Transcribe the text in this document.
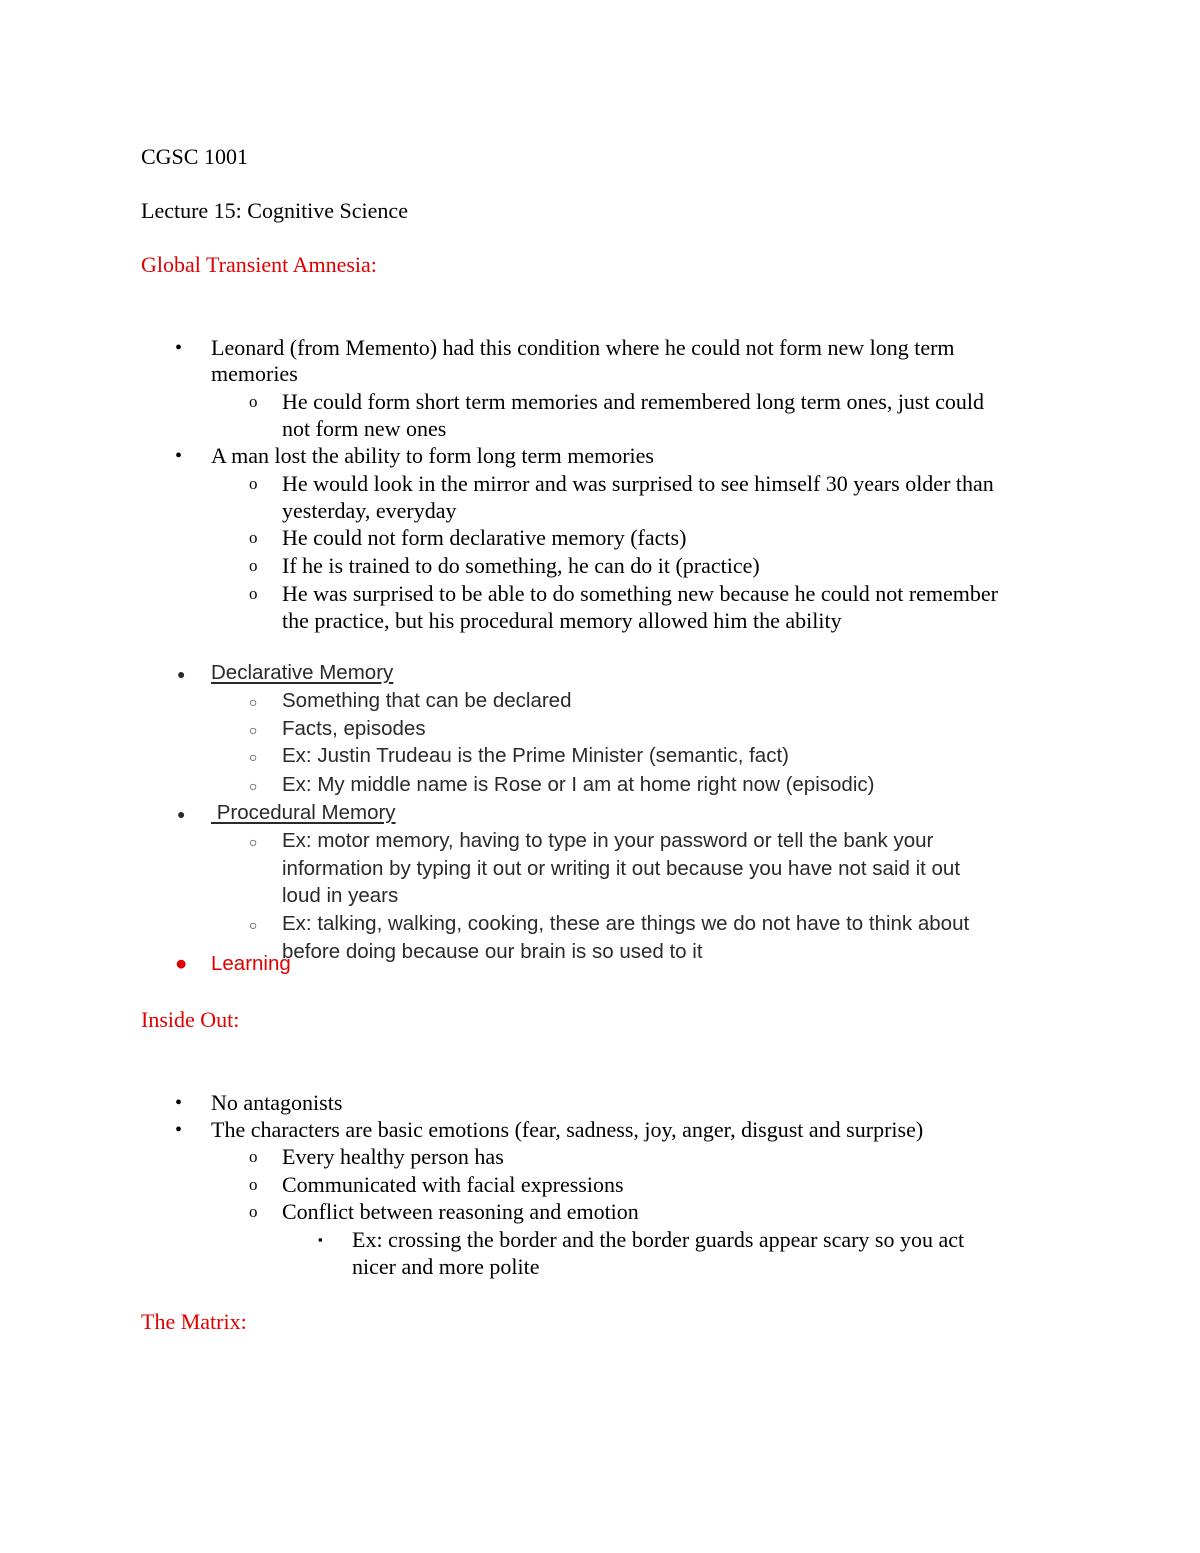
CGSC 1001
Lecture 15: Cognitive Science
Global Transient Amnesia:
• Leonard (from Memento) had this condition where he could not form new long term
memories
o He could form short term memories and remembered long term ones, just could
not form new ones
• A man lost the ability to form long term memories
o He would look in the mirror and was surprised to see himself 30 years older than
yesterday, everyday
o He could not form declarative memory (facts)
o If he is trained to do something, he can do it (practice)
o He was surprised to be able to do something new because he could not remember
the practice, but his procedural memory allowed him the ability
● Declarative Memory
○ Something that can be declared
○ Facts, episodes
○ Ex: Justin Trudeau is the Prime Minister (semantic, fact)
○ Ex: My middle name is Rose or I am at home right now (episodic)
● Procedural Memory
○ Ex: motor memory, having to type in your password or tell the bank your
information by typing it out or writing it out because you have not said it out
loud in years
○ Ex: talking, walking, cooking, these are things we do not have to think about
before doing because our brain is so used to it
● Learning
Inside Out:
• No antagonists
• The characters are basic emotions (fear, sadness, joy, anger, disgust and surprise)
o Every healthy person has
o Communicated with facial expressions
o Conflict between reasoning and emotion
▪ Ex: crossing the border and the border guards appear scary so you act
nicer and more polite
The Matrix:
